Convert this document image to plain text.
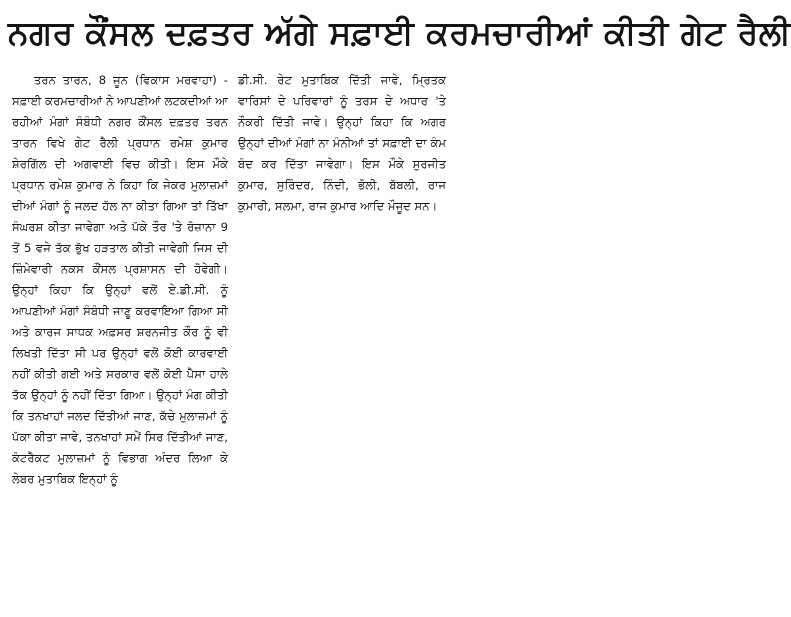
ਨਗਰ ਕੌਂਸਲ ਦਫ਼ਤਰ ਅੱਗੇ ਸਫ਼ਾਈ ਕਰਮਚਾਰੀਆਂ ਕੀਤੀ ਗੇਟ ਰੈਲੀ

ਤਰਨ ਤਾਰਨ, 8 ਜੂਨ (ਵਿਕਾਸ ਮਰਵਾਹਾ) - ਸਫ਼ਾਈ ਕਰਮਚਾਰੀਆਂ ਨੇ ਆਪਣੀਆਂ ਲਟਕਦੀਆਂ ਆ ਰਹੀਆਂ ਮੰਗਾਂ ਸੰਬੰਧੀ ਨਗਰ ਕੌਂਸਲ ਦਫ਼ਤਰ ਤਰਨ ਤਾਰਨ ਵਿਖੇ ਗੇਟ ਰੈਲੀ ਪ੍ਰਧਾਨ ਰਮੇਸ਼ ਕੁਮਾਰ ਸ਼ੇਰਗਿੱਲ ਦੀ ਅਗਵਾਈ ਵਿਚ ਕੀਤੀ। ਇਸ ਮੌਕੇ ਪ੍ਰਧਾਨ ਰਮੇਸ਼ ਕੁਮਾਰ ਨੇ ਕਿਹਾ ਕਿ ਜੇਕਰ ਮੁਲਾਜ਼ਮਾਂ ਦੀਆਂ ਮੰਗਾਂ ਨੂੰ ਜਲਦ ਹੱਲ ਨਾ ਕੀਤਾ ਗਿਆ ਤਾਂ ਤਿੱਖਾ ਸੰਘਰਸ਼ ਕੀਤਾ ਜਾਵੇਗਾ ਅਤੇ ਪੱਕੇ ਤੌਰ 'ਤੇ ਰੋਜ਼ਾਨਾ 9 ਤੋਂ 5 ਵਜੇ ਤੱਕ ਭੁੱਖ ਹੜਤਾਲ ਕੀਤੀ ਜਾਵੇਗੀ ਜਿਸ ਦੀ ਜ਼ਿੰਮੇਵਾਰੀ ਨਕਸ ਕੌਂਸਲ ਪ੍ਰਸ਼ਾਸਨ ਦੀ ਹੋਵੇਗੀ। ਉਨ੍ਹਾਂ ਕਿਹਾ ਕਿ ਉਨ੍ਹਾਂ ਵਲੋਂ ਏ.ਡੀ.ਸੀ. ਨੂੰ ਆਪਣੀਆਂ ਮੰਗਾਂ ਸੰਬੰਧੀ ਜਾਣੂ ਕਰਵਾਇਆ ਗਿਆ ਸੀ ਅਤੇ ਕਾਰਜ ਸਾਧਕ ਅਫ਼ਸਰ ਸ਼ਰਨਜੀਤ ਕੌਰ ਨੂੰ ਵੀ ਲਿਖਤੀ ਦਿੱਤਾ ਸੀ ਪਰ ਉਨ੍ਹਾਂ ਵਲੋਂ ਕੋਈ ਕਾਰਵਾਈ ਨਹੀਂ ਕੀਤੀ ਗਈ ਅਤੇ ਸਰਕਾਰ ਵਲੋਂ ਕੋਈ ਪੈਸਾ ਹਾਲੇ ਤੱਕ ਉਨ੍ਹਾਂ ਨੂੰ ਨਹੀਂ ਦਿੱਤਾ ਗਿਆ। ਉਨ੍ਹਾਂ ਮੰਗ ਕੀਤੀ ਕਿ ਤਨਖਾਹਾਂ ਜਲਦ ਦਿੱਤੀਆਂ ਜਾਣ, ਕੱਚੇ ਮੁਲਾਜ਼ਮਾਂ ਨੂੰ ਪੱਕਾ ਕੀਤਾ ਜਾਵੇ, ਤਨਖਾਹਾਂ ਸਮੇਂ ਸਿਰ ਦਿੱਤੀਆਂ ਜਾਣ, ਕੰਟਰੈਕਟ ਮੁਲਾਜ਼ਮਾਂ ਨੂੰ ਵਿਭਾਗ ਅੰਦਰ ਲਿਆ ਕੇ ਲੇਬਰ ਮੁਤਾਬਿਕ ਇਨ੍ਹਾਂ ਨੂੰ

ਡੀ.ਸੀ. ਰੇਟ ਮੁਤਾਬਿਕ ਦਿੱਤੀ ਜਾਵੇ, ਮ੍ਰਿਤਕ ਵਾਰਿਸਾਂ ਦੇ ਪਰਿਵਾਰਾਂ ਨੂੰ ਤਰਸ ਦੇ ਅਧਾਰ 'ਤੇ ਨੌਕਰੀ ਦਿੱਤੀ ਜਾਵੇ। ਉਨ੍ਹਾਂ ਕਿਹਾ ਕਿ ਅਗਰ ਉਨ੍ਹਾਂ ਦੀਆਂ ਮੰਗਾਂ ਨਾ ਮੰਨੀਆਂ ਤਾਂ ਸਫ਼ਾਈ ਦਾ ਕੰਮ ਬੰਦ ਕਰ ਦਿੱਤਾ ਜਾਵੇਗਾ। ਇਸ ਮੌਕੇ ਸੁਰਜੀਤ ਕੁਮਾਰ, ਸੁਰਿੰਦਰ, ਨਿੰਦੀ, ਭੋਲੀ, ਬੱਬਲੀ, ਰਾਜ ਕੁਮਾਰੀ, ਸਲਮਾ, ਰਾਜ ਕੁਮਾਰ ਆਦਿ ਮੌਜੂਦ ਸਨ।
